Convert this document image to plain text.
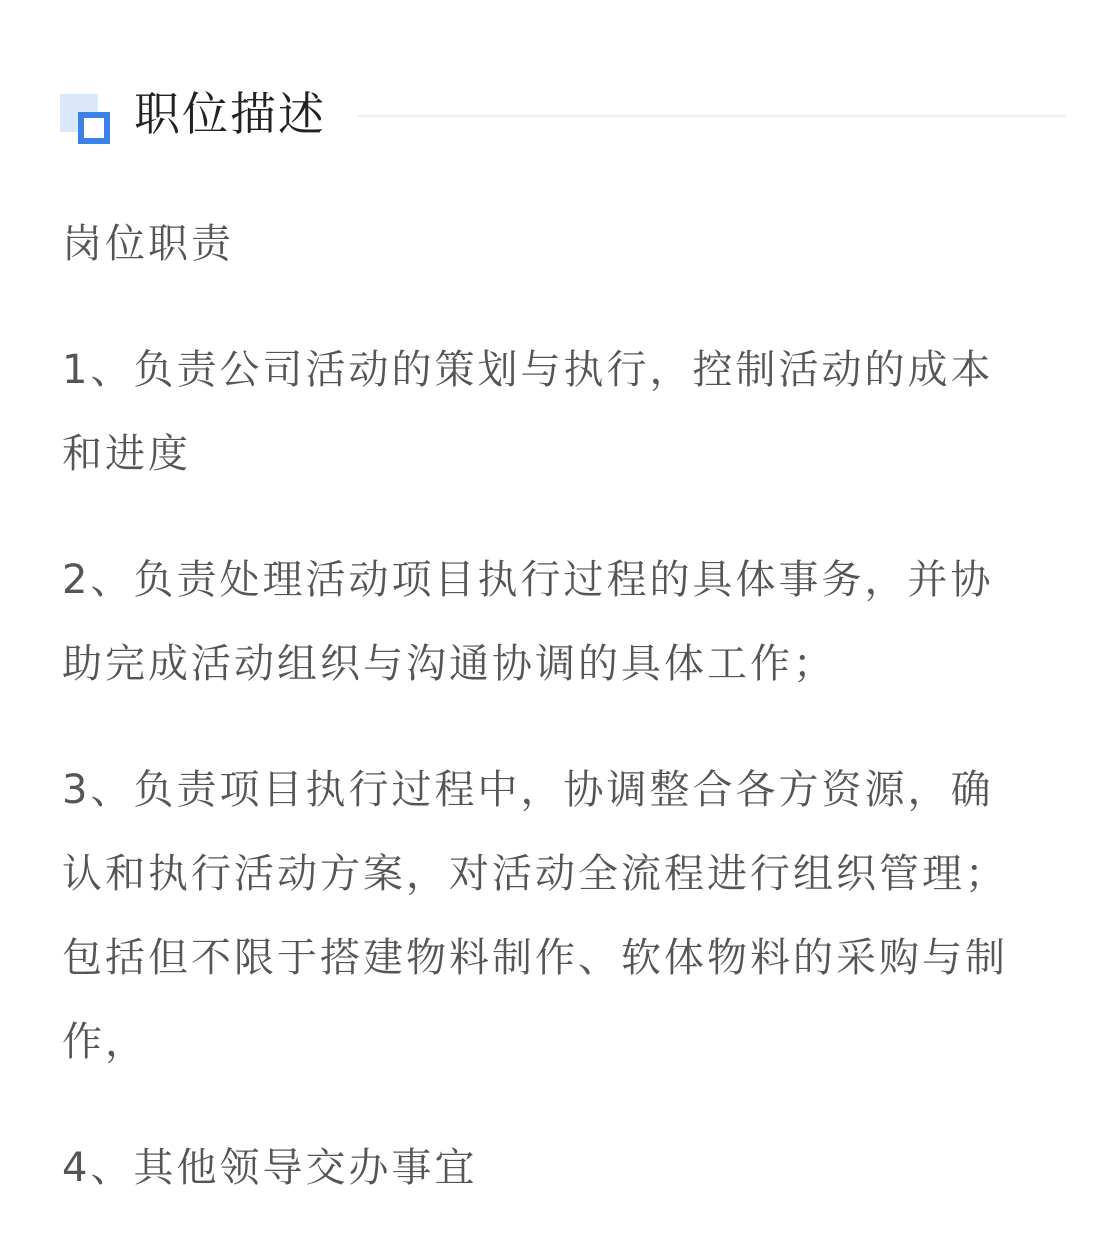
职位描述

岗位职责

1、负责公司活动的策划与执行，控制活动的成本
和进度

2、负责处理活动项目执行过程的具体事务，并协
助完成活动组织与沟通协调的具体工作；

3、负责项目执行过程中，协调整合各方资源，确
认和执行活动方案，对活动全流程进行组织管理；
包括但不限于搭建物料制作、软体物料的采购与制
作，

4、其他领导交办事宜
